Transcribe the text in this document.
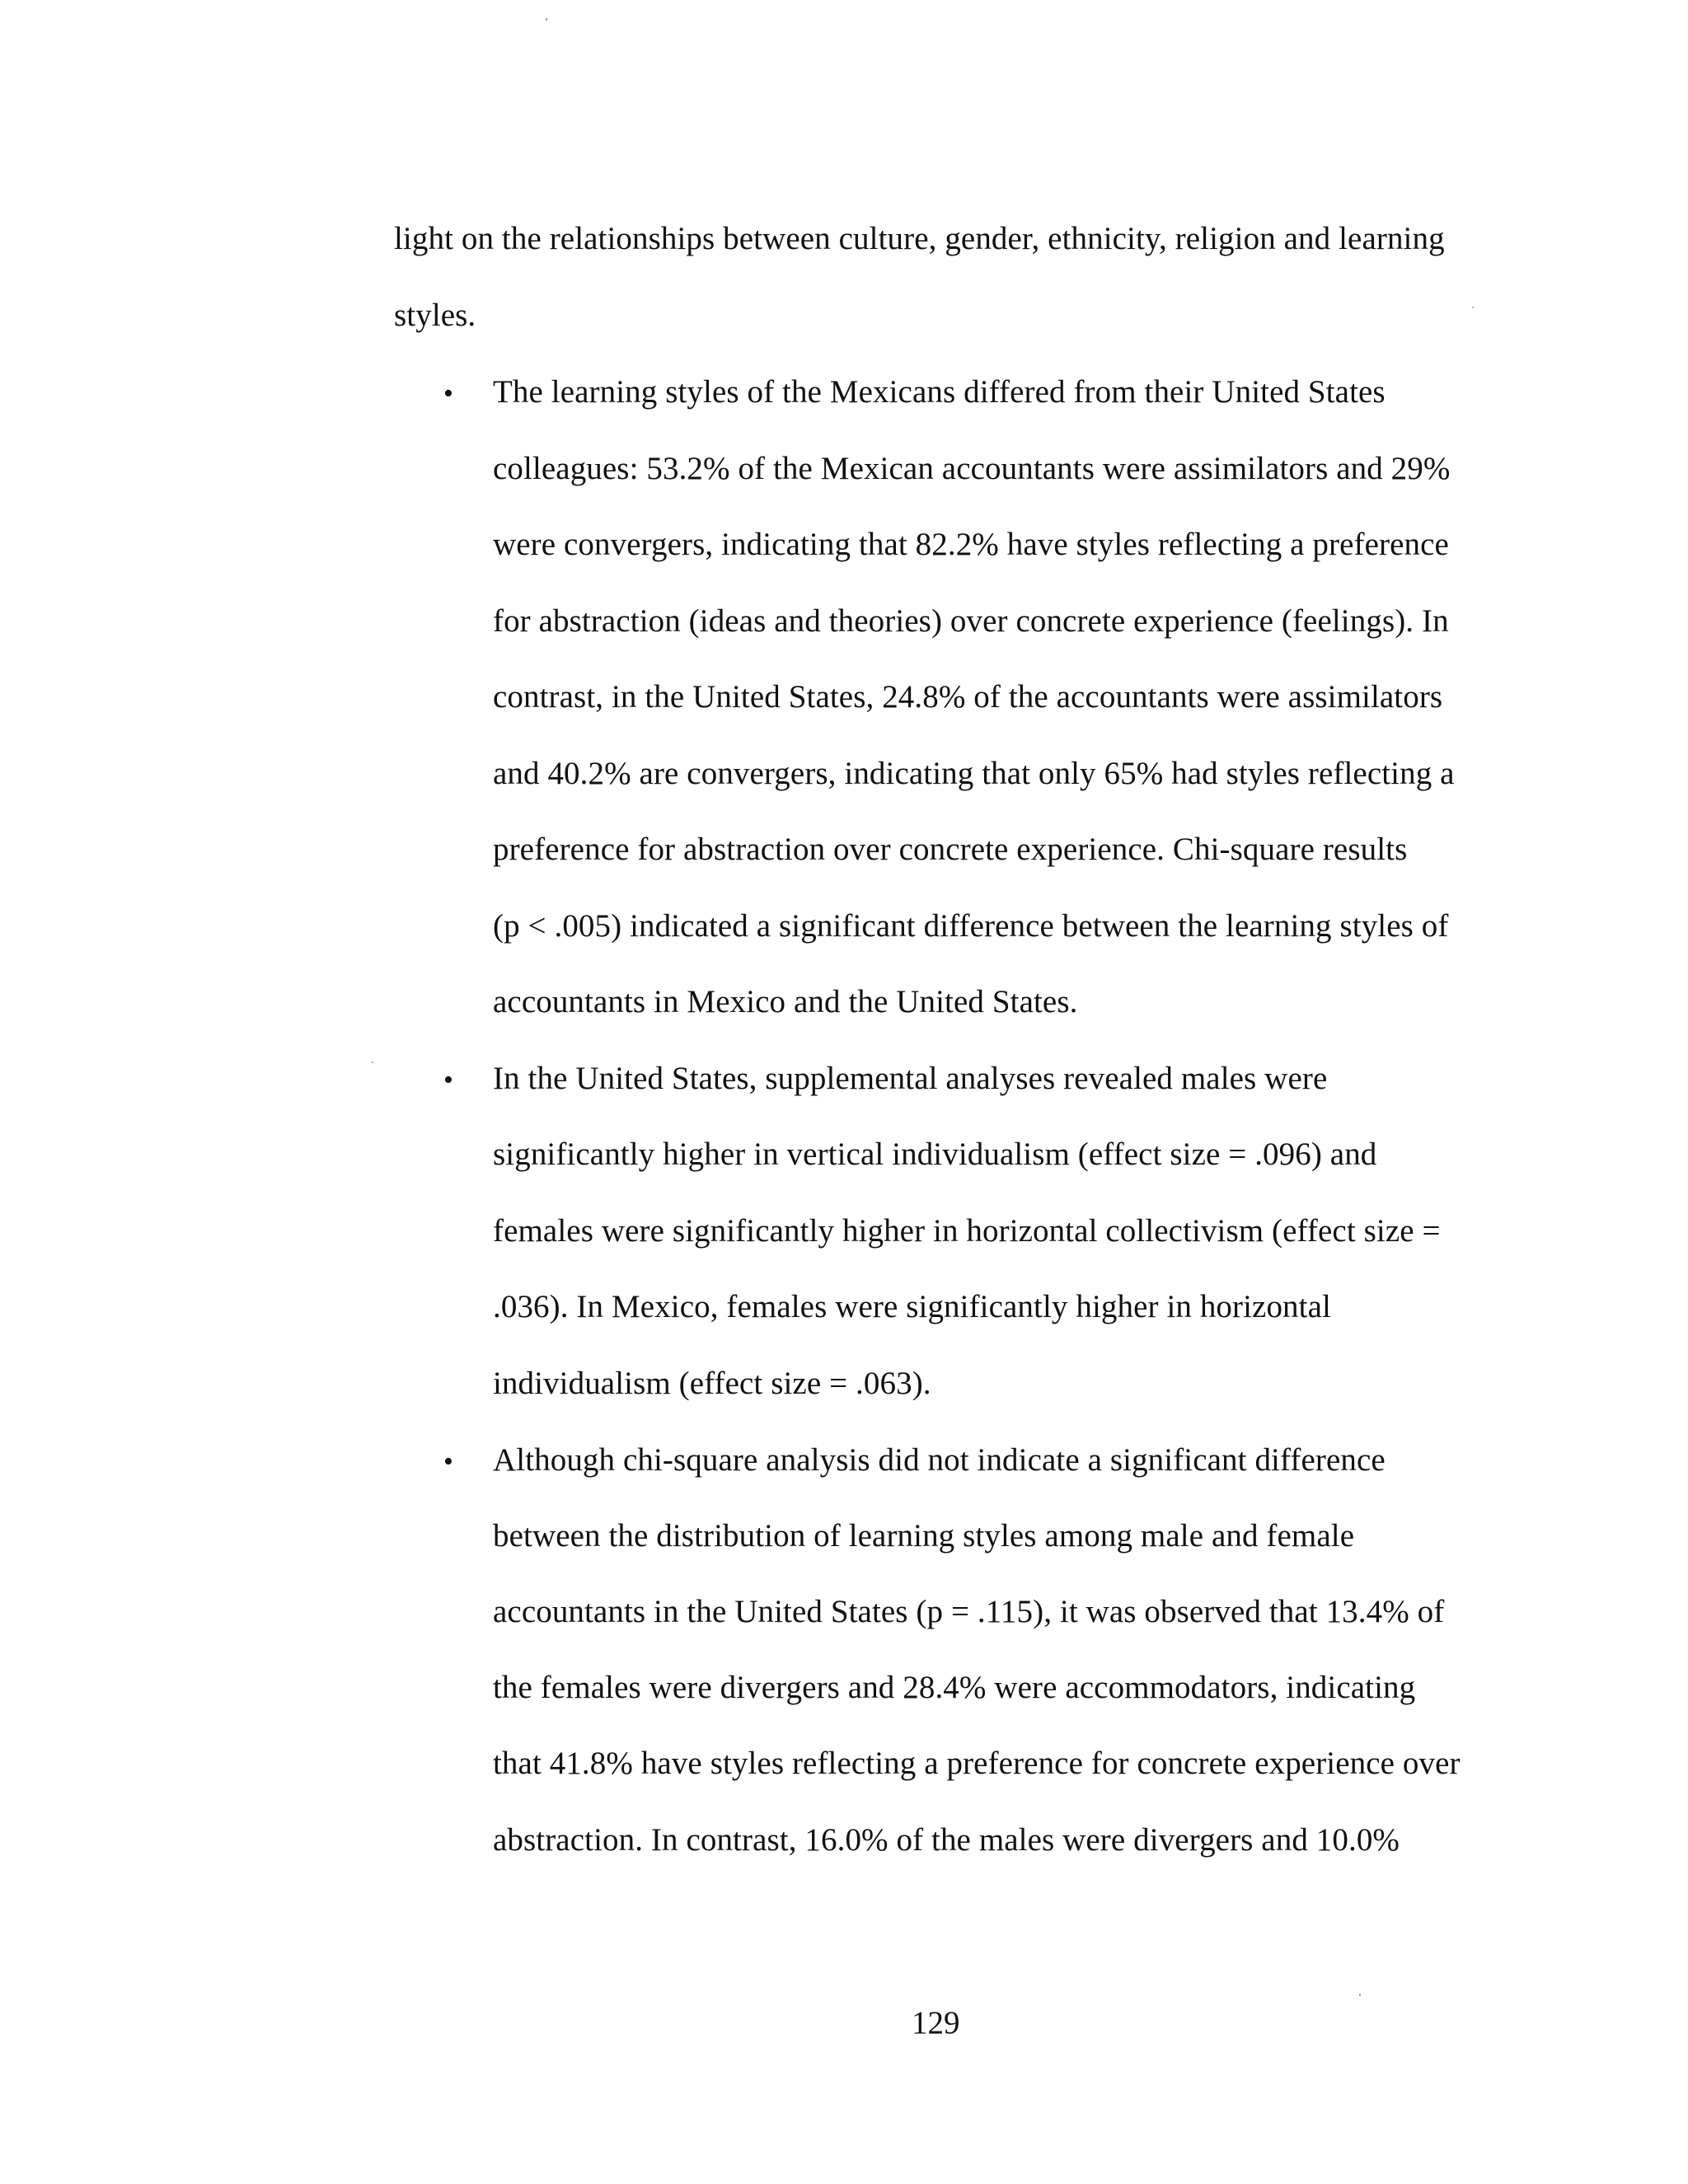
light on the relationships between culture, gender, ethnicity, religion and learning
styles.
• The learning styles of the Mexicans differed from their United States
colleagues: 53.2% of the Mexican accountants were assimilators and 29%
were convergers, indicating that 82.2% have styles reflecting a preference
for abstraction (ideas and theories) over concrete experience (feelings). In
contrast, in the United States, 24.8% of the accountants were assimilators
and 40.2% are convergers, indicating that only 65% had styles reflecting a
preference for abstraction over concrete experience. Chi-square results
(p < .005) indicated a significant difference between the learning styles of
accountants in Mexico and the United States.
• In the United States, supplemental analyses revealed males were
significantly higher in vertical individualism (effect size = .096) and
females were significantly higher in horizontal collectivism (effect size =
.036). In Mexico, females were significantly higher in horizontal
individualism (effect size = .063).
• Although chi-square analysis did not indicate a significant difference
between the distribution of learning styles among male and female
accountants in the United States (p = .115), it was observed that 13.4% of
the females were divergers and 28.4% were accommodators, indicating
that 41.8% have styles reflecting a preference for concrete experience over
abstraction. In contrast, 16.0% of the males were divergers and 10.0%
129
